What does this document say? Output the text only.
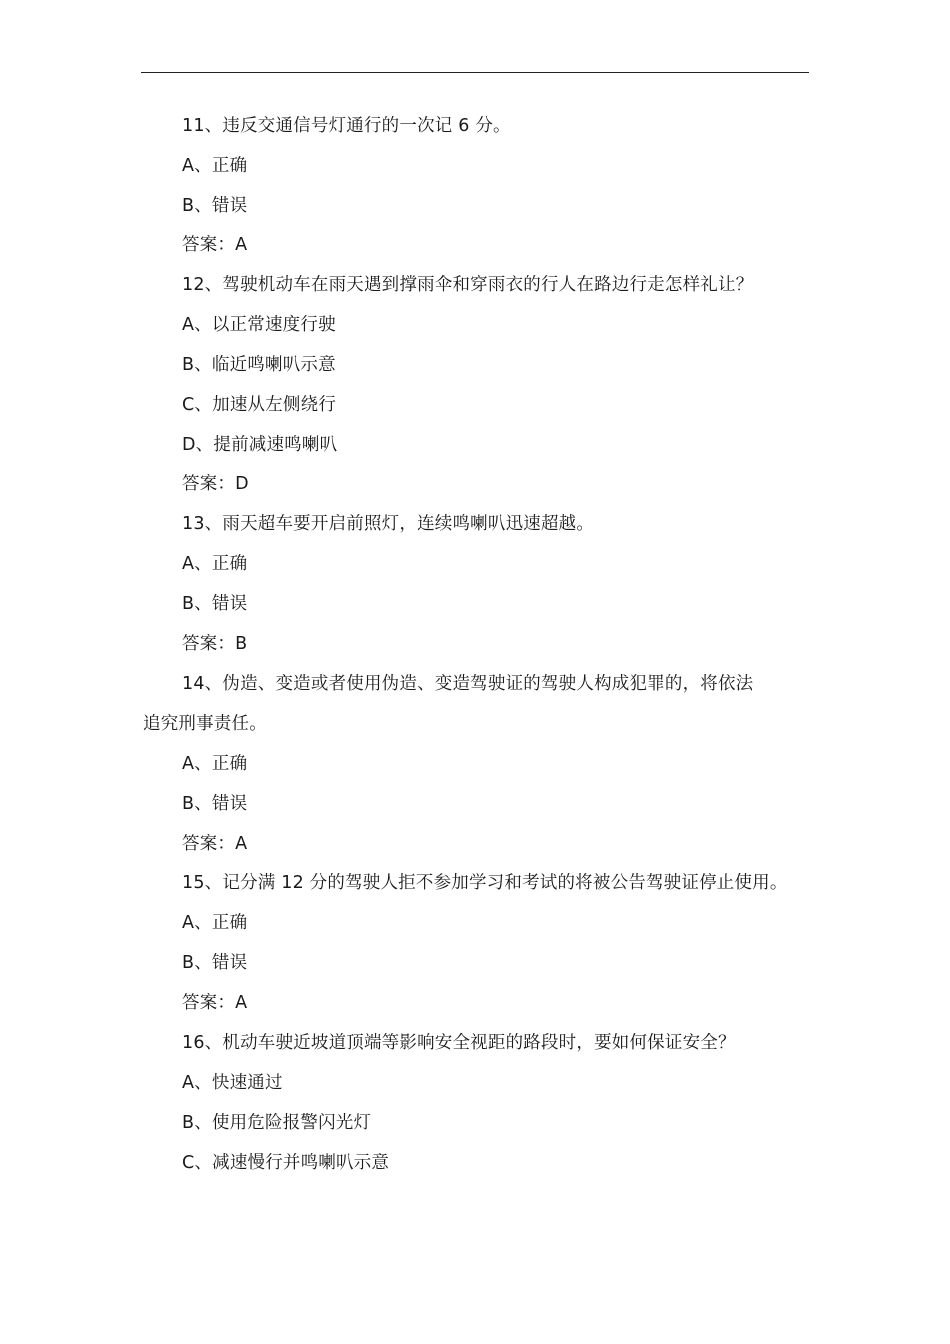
11、违反交通信号灯通行的一次记 6 分。
A、正确
B、错误
答案：A
12、驾驶机动车在雨天遇到撑雨伞和穿雨衣的行人在路边行走怎样礼让？
A、以正常速度行驶
B、临近鸣喇叭示意
C、加速从左侧绕行
D、提前减速鸣喇叭
答案：D
13、雨天超车要开启前照灯，连续鸣喇叭迅速超越。
A、正确
B、错误
答案：B
14、伪造、变造或者使用伪造、变造驾驶证的驾驶人构成犯罪的，将依法
追究刑事责任。
A、正确
B、错误
答案：A
15、记分满 12 分的驾驶人拒不参加学习和考试的将被公告驾驶证停止使用。
A、正确
B、错误
答案：A
16、机动车驶近坡道顶端等影响安全视距的路段时，要如何保证安全？
A、快速通过
B、使用危险报警闪光灯
C、减速慢行并鸣喇叭示意
